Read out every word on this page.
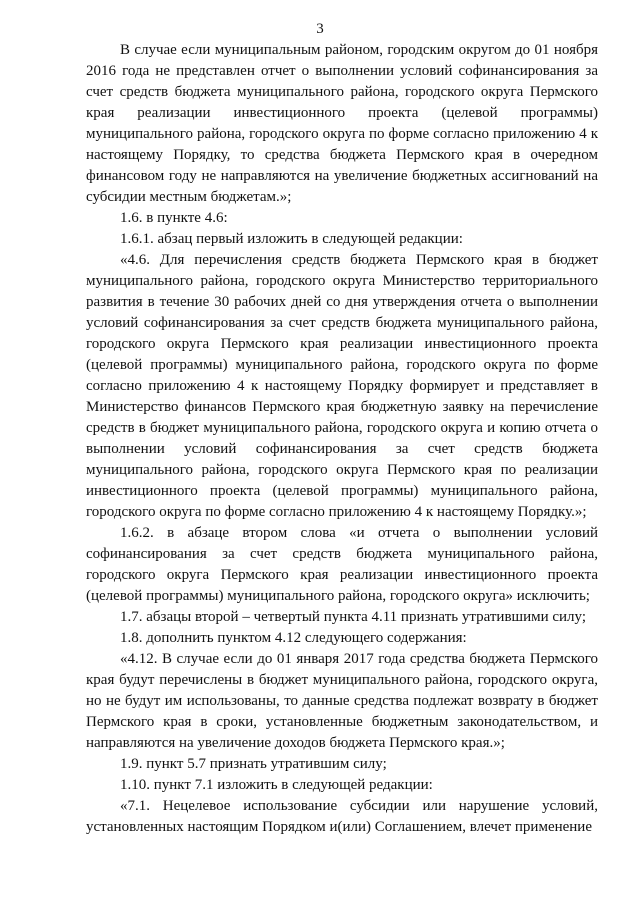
3

В случае если муниципальным районом, городским округом до 01 ноября 2016 года не представлен отчет о выполнении условий софинансирования за счет средств бюджета муниципального района, городского округа Пермского края реализации инвестиционного проекта (целевой программы) муниципального района, городского округа по форме согласно приложению 4 к настоящему Порядку, то средства бюджета Пермского края в очередном финансовом году не направляются на увеличение бюджетных ассигнований на субсидии местным бюджетам.»;

1.6. в пункте 4.6:

1.6.1. абзац первый изложить в следующей редакции:

«4.6. Для перечисления средств бюджета Пермского края в бюджет муниципального района, городского округа Министерство территориального развития в течение 30 рабочих дней со дня утверждения отчета о выполнении условий софинансирования за счет средств бюджета муниципального района, городского округа Пермского края реализации инвестиционного проекта (целевой программы) муниципального района, городского округа по форме согласно приложению 4 к настоящему Порядку формирует и представляет в Министерство финансов Пермского края бюджетную заявку на перечисление средств в бюджет муниципального района, городского округа и копию отчета о выполнении условий софинансирования за счет средств бюджета муниципального района, городского округа Пермского края по реализации инвестиционного проекта (целевой программы) муниципального района, городского округа по форме согласно приложению 4 к настоящему Порядку.»;

1.6.2. в абзаце втором слова «и отчета о выполнении условий софинансирования за счет средств бюджета муниципального района, городского округа Пермского края реализации инвестиционного проекта (целевой программы) муниципального района, городского округа» исключить;

1.7. абзацы второй – четвертый пункта 4.11 признать утратившими силу;

1.8. дополнить пунктом 4.12 следующего содержания:

«4.12. В случае если до 01 января 2017 года средства бюджета Пермского края будут перечислены в бюджет муниципального района, городского округа, но не будут им использованы, то данные средства подлежат возврату в бюджет Пермского края в сроки, установленные бюджетным законодательством, и направляются на увеличение доходов бюджета Пермского края.»;

1.9. пункт 5.7 признать утратившим силу;

1.10. пункт 7.1 изложить в следующей редакции:

«7.1. Нецелевое использование субсидии или нарушение условий, установленных настоящим Порядком и(или) Соглашением, влечет применение
